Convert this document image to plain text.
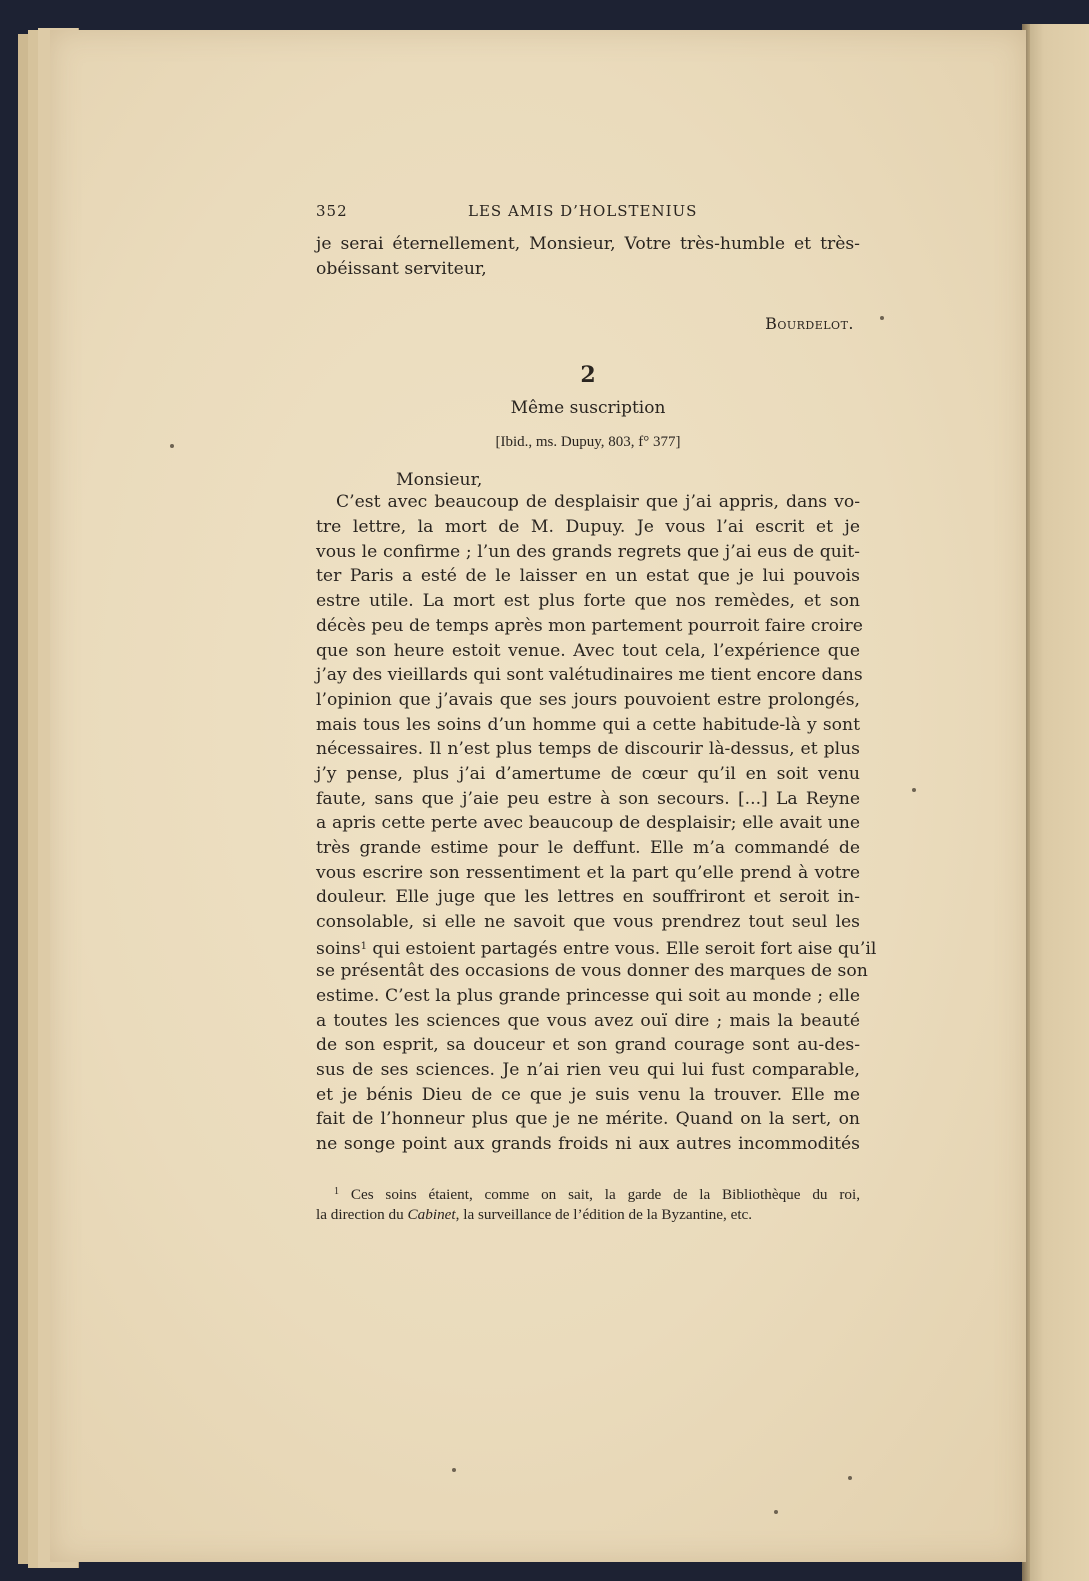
352	LES AMIS D’HOLSTENIUS
je serai éternellement, Monsieur, Votre très-humble et très-
obéissant serviteur,
Bourdelot.
2
Même suscription
[Ibid., ms. Dupuy, 803, f° 377]
Monsieur,
C’est avec beaucoup de desplaisir que j’ai appris, dans vo-
tre lettre, la mort de M. Dupuy. Je vous l’ai escrit et je
vous le confirme ; l’un des grands regrets que j’ai eus de quit-
ter Paris a esté de le laisser en un estat que je lui pouvois
estre utile. La mort est plus forte que nos remèdes, et son
décès peu de temps après mon partement pourroit faire croire
que son heure estoit venue. Avec tout cela, l’expérience que
j’ay des vieillards qui sont valétudinaires me tient encore dans
l’opinion que j’avais que ses jours pouvoient estre prolongés,
mais tous les soins d’un homme qui a cette habitude-là y sont
nécessaires. Il n’est plus temps de discourir là-dessus, et plus
j’y pense, plus j’ai d’amertume de cœur qu’il en soit venu
faute, sans que j’aie peu estre à son secours. [...] La Reyne
a apris cette perte avec beaucoup de desplaisir; elle avait une
très grande estime pour le deffunt. Elle m’a commandé de
vous escrire son ressentiment et la part qu’elle prend à votre
douleur. Elle juge que les lettres en souffriront et seroit in-
consolable, si elle ne savoit que vous prendrez tout seul les
soins$^1$ qui estoient partagés entre vous. Elle seroit fort aise qu’il
se présentât des occasions de vous donner des marques de son
estime. C’est la plus grande princesse qui soit au monde ; elle
a toutes les sciences que vous avez ouï dire ; mais la beauté
de son esprit, sa douceur et son grand courage sont au-des-
sus de ses sciences. Je n’ai rien veu qui lui fust comparable,
et je bénis Dieu de ce que je suis venu la trouver. Elle me
fait de l’honneur plus que je ne mérite. Quand on la sert, on
ne songe point aux grands froids ni aux autres incommodités
$^1$ Ces soins étaient, comme on sait, la garde de la Bibliothèque du roi,
la direction du Cabinet, la surveillance de l’édition de la Byzantine, etc.
